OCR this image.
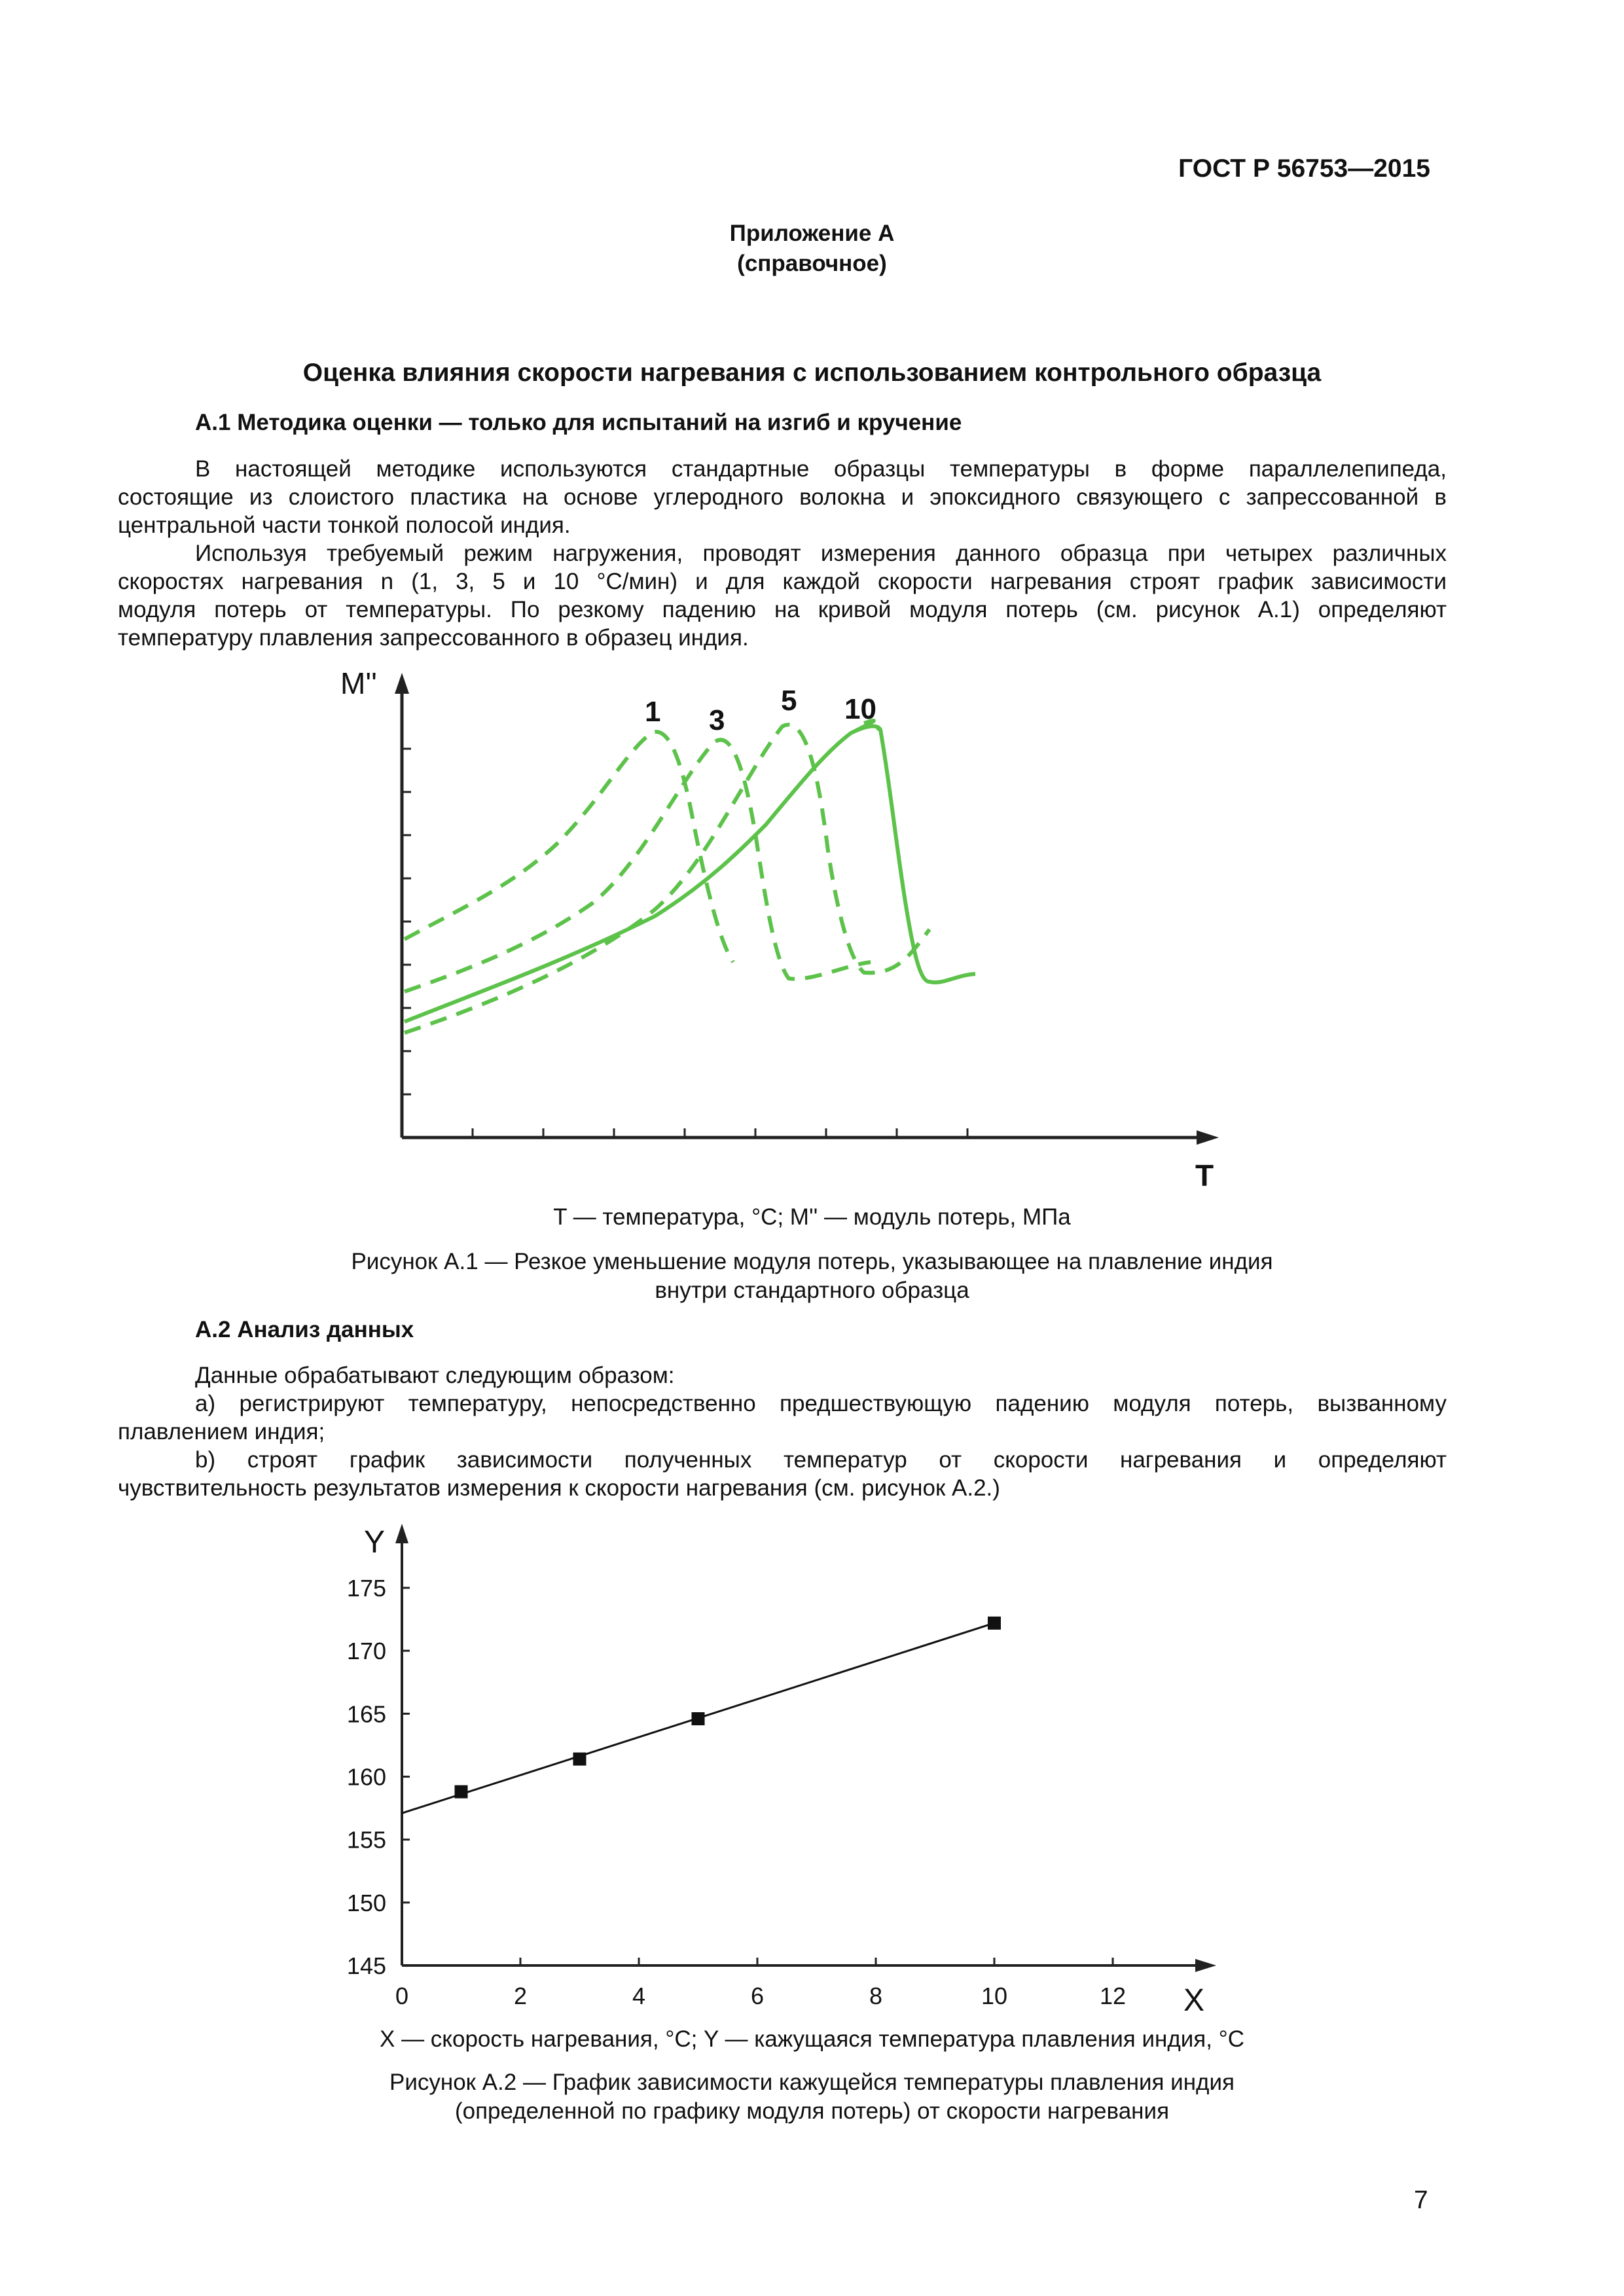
ГОСТ Р 56753—2015
Приложение А
(справочное)
Оценка влияния скорости нагревания с использованием контрольного образца
А.1 Методика оценки — только для испытаний на изгиб и кручение
В настоящей методике используются стандартные образцы температуры в форме параллелепипеда,
состоящие из слоистого пластика на основе углеродного волокна и эпоксидного связующего с запрессованной в
центральной части тонкой полосой индия.
Используя требуемый режим нагружения, проводят измерения данного образца при четырех различных
скоростях нагревания n (1, 3, 5 и 10 °С/мин) и для каждой скорости нагревания строят график зависимости
модуля потерь от температуры. По резкому падению на кривой модуля потерь (см. рисунок А.1) определяют
температуру плавления запрессованного в образец индия.
M''
T
1 3
5 10
T — температура, °С; M'' — модуль потерь, МПа
Рисунок А.1 — Резкое уменьшение модуля потерь, указывающее на плавление индия
внутри стандартного образца
А.2 Анализ данных
Данные обрабатывают следующим образом:
а) регистрируют температуру, непосредственно предшествующую падению модуля потерь, вызванному
плавлением индия;
b) строят график зависимости полученных температур от скорости нагревания и определяют
чувствительность результатов измерения к скорости нагревания (см. рисунок А.2.)
Y
X
145
150
155
160
165
170
175
0	2	4	6	8	10	12
X — скорость нагревания, °С; Y — кажущаяся температура плавления индия, °С
Рисунок А.2 — График зависимости кажущейся температуры плавления индия
(определенной по графику модуля потерь) от скорости нагревания
7
